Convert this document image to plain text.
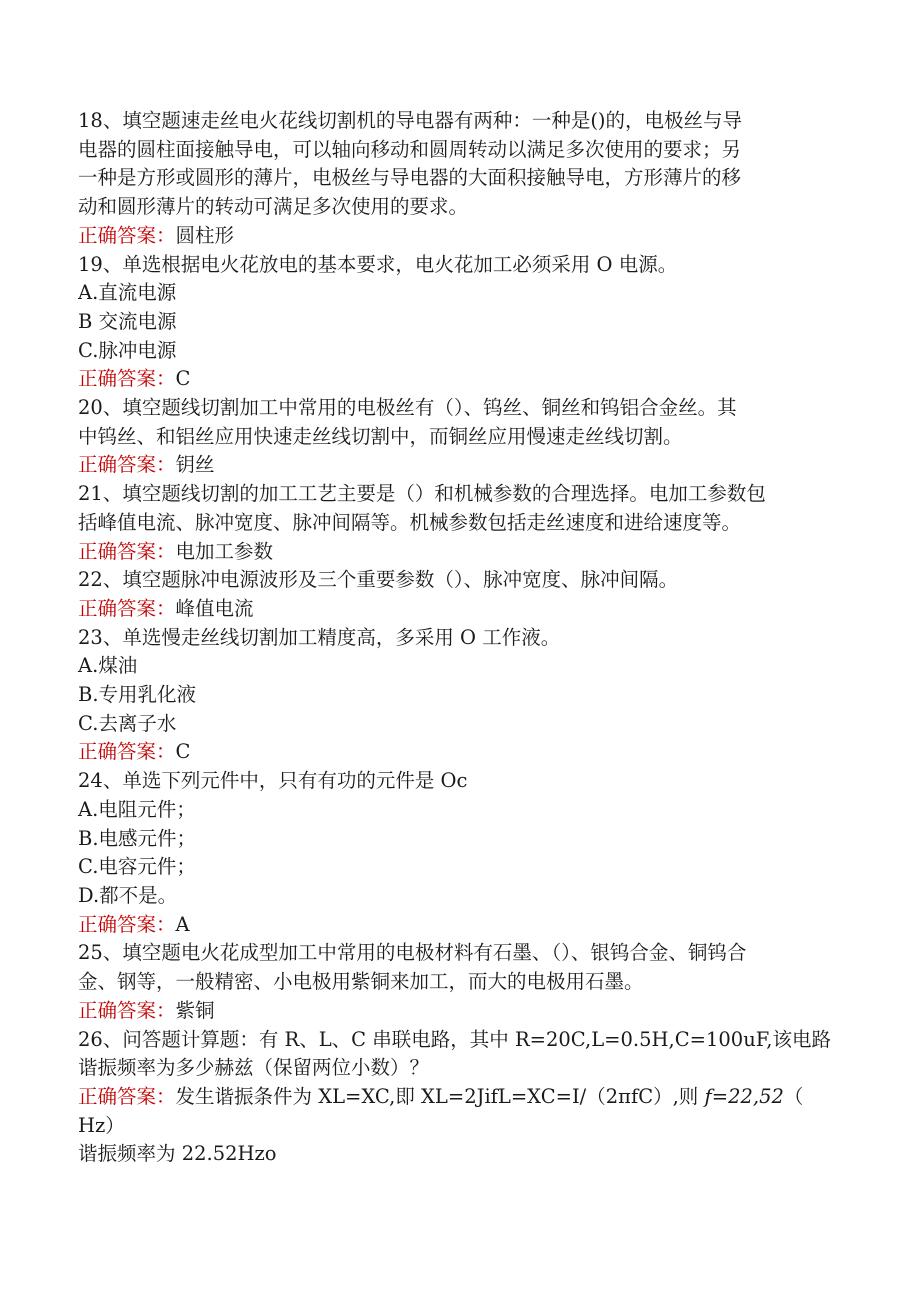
18、填空题速走丝电火花线切割机的导电器有两种：一种是()的，电极丝与导
电器的圆柱面接触导电，可以轴向移动和圆周转动以满足多次使用的要求；另
一种是方形或圆形的薄片，电极丝与导电器的大面积接触导电，方形薄片的移
动和圆形薄片的转动可满足多次使用的要求。
正确答案：圆柱形
19、单选根据电火花放电的基本要求，电火花加工必须采用 O 电源。
A.直流电源
B 交流电源
C.脉冲电源
正确答案：C
20、填空题线切割加工中常用的电极丝有（）、钨丝、铜丝和钨铝合金丝。其
中钨丝、和铝丝应用快速走丝线切割中，而铜丝应用慢速走丝线切割。
正确答案：钥丝
21、填空题线切割的加工工艺主要是（）和机械参数的合理选择。电加工参数包
括峰值电流、脉冲宽度、脉冲间隔等。机械参数包括走丝速度和进给速度等。
正确答案：电加工参数
22、填空题脉冲电源波形及三个重要参数（）、脉冲宽度、脉冲间隔。
正确答案：峰值电流
23、单选慢走丝线切割加工精度高，多采用 O 工作液。
A.煤油
B.专用乳化液
C.去离子水
正确答案：C
24、单选下列元件中，只有有功的元件是 Oc
A.电阻元件；
B.电感元件；
C.电容元件；
D.都不是。
正确答案：A
25、填空题电火花成型加工中常用的电极材料有石墨、（）、银钨合金、铜钨合
金、钢等，一般精密、小电极用紫铜来加工，而大的电极用石墨。
正确答案：紫铜
26、问答题计算题：有 R、L、C 串联电路，其中 R=20C,L=0.5H,C=100uF,该电路
谐振频率为多少赫兹（保留两位小数）？
正确答案：发生谐振条件为 XL=XC,即 XL=2JifL=XC=I/（2πfC）,则 f=22,52（
Hz）
谐振频率为 22.52Hzo
